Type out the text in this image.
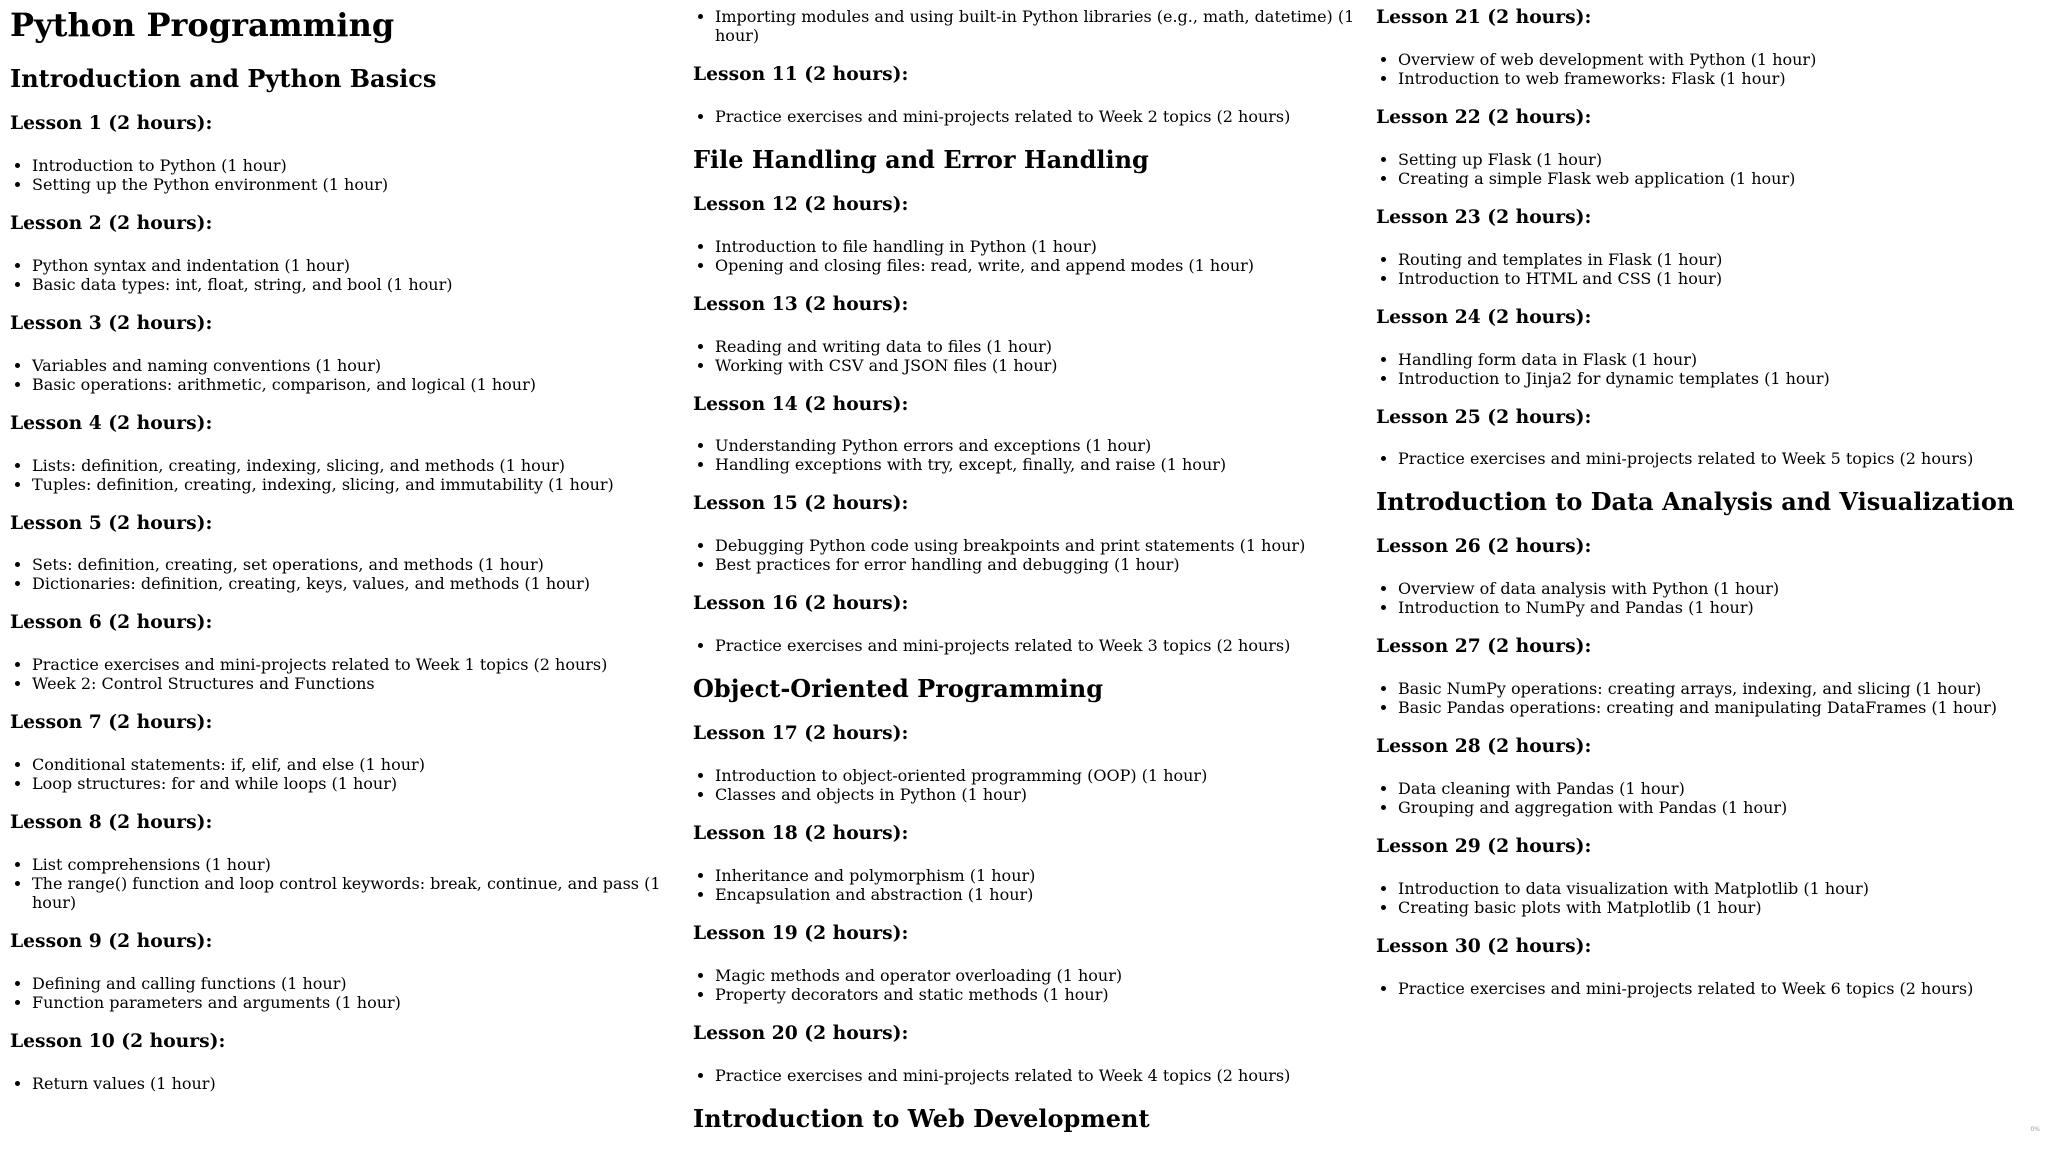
Python Programming
Introduction and Python Basics
Lesson 1 (2 hours):
• Introduction to Python (1 hour)
• Setting up the Python environment (1 hour)
Lesson 2 (2 hours):
• Python syntax and indentation (1 hour)
• Basic data types: int, float, string, and bool (1 hour)
Lesson 3 (2 hours):
• Variables and naming conventions (1 hour)
• Basic operations: arithmetic, comparison, and logical (1 hour)
Lesson 4 (2 hours):
• Lists: definition, creating, indexing, slicing, and methods (1 hour)
• Tuples: definition, creating, indexing, slicing, and immutability (1 hour)
Lesson 5 (2 hours):
• Sets: definition, creating, set operations, and methods (1 hour)
• Dictionaries: definition, creating, keys, values, and methods (1 hour)
Lesson 6 (2 hours):
• Practice exercises and mini-projects related to Week 1 topics (2 hours)
• Week 2: Control Structures and Functions
Lesson 7 (2 hours):
• Conditional statements: if, elif, and else (1 hour)
• Loop structures: for and while loops (1 hour)
Lesson 8 (2 hours):
• List comprehensions (1 hour)
• The range() function and loop control keywords: break, continue, and pass (1 hour)
Lesson 9 (2 hours):
• Defining and calling functions (1 hour)
• Function parameters and arguments (1 hour)
Lesson 10 (2 hours):
• Return values (1 hour)
• Importing modules and using built-in Python libraries (e.g., math, datetime) (1 hour)
Lesson 11 (2 hours):
• Practice exercises and mini-projects related to Week 2 topics (2 hours)
File Handling and Error Handling
Lesson 12 (2 hours):
• Introduction to file handling in Python (1 hour)
• Opening and closing files: read, write, and append modes (1 hour)
Lesson 13 (2 hours):
• Reading and writing data to files (1 hour)
• Working with CSV and JSON files (1 hour)
Lesson 14 (2 hours):
• Understanding Python errors and exceptions (1 hour)
• Handling exceptions with try, except, finally, and raise (1 hour)
Lesson 15 (2 hours):
• Debugging Python code using breakpoints and print statements (1 hour)
• Best practices for error handling and debugging (1 hour)
Lesson 16 (2 hours):
• Practice exercises and mini-projects related to Week 3 topics (2 hours)
Object-Oriented Programming
Lesson 17 (2 hours):
• Introduction to object-oriented programming (OOP) (1 hour)
• Classes and objects in Python (1 hour)
Lesson 18 (2 hours):
• Inheritance and polymorphism (1 hour)
• Encapsulation and abstraction (1 hour)
Lesson 19 (2 hours):
• Magic methods and operator overloading (1 hour)
• Property decorators and static methods (1 hour)
Lesson 20 (2 hours):
• Practice exercises and mini-projects related to Week 4 topics (2 hours)
Introduction to Web Development
Lesson 21 (2 hours):
• Overview of web development with Python (1 hour)
• Introduction to web frameworks: Flask (1 hour)
Lesson 22 (2 hours):
• Setting up Flask (1 hour)
• Creating a simple Flask web application (1 hour)
Lesson 23 (2 hours):
• Routing and templates in Flask (1 hour)
• Introduction to HTML and CSS (1 hour)
Lesson 24 (2 hours):
• Handling form data in Flask (1 hour)
• Introduction to Jinja2 for dynamic templates (1 hour)
Lesson 25 (2 hours):
• Practice exercises and mini-projects related to Week 5 topics (2 hours)
Introduction to Data Analysis and Visualization
Lesson 26 (2 hours):
• Overview of data analysis with Python (1 hour)
• Introduction to NumPy and Pandas (1 hour)
Lesson 27 (2 hours):
• Basic NumPy operations: creating arrays, indexing, and slicing (1 hour)
• Basic Pandas operations: creating and manipulating DataFrames (1 hour)
Lesson 28 (2 hours):
• Data cleaning with Pandas (1 hour)
• Grouping and aggregation with Pandas (1 hour)
Lesson 29 (2 hours):
• Introduction to data visualization with Matplotlib (1 hour)
• Creating basic plots with Matplotlib (1 hour)
Lesson 30 (2 hours):
• Practice exercises and mini-projects related to Week 6 topics (2 hours)
0%
